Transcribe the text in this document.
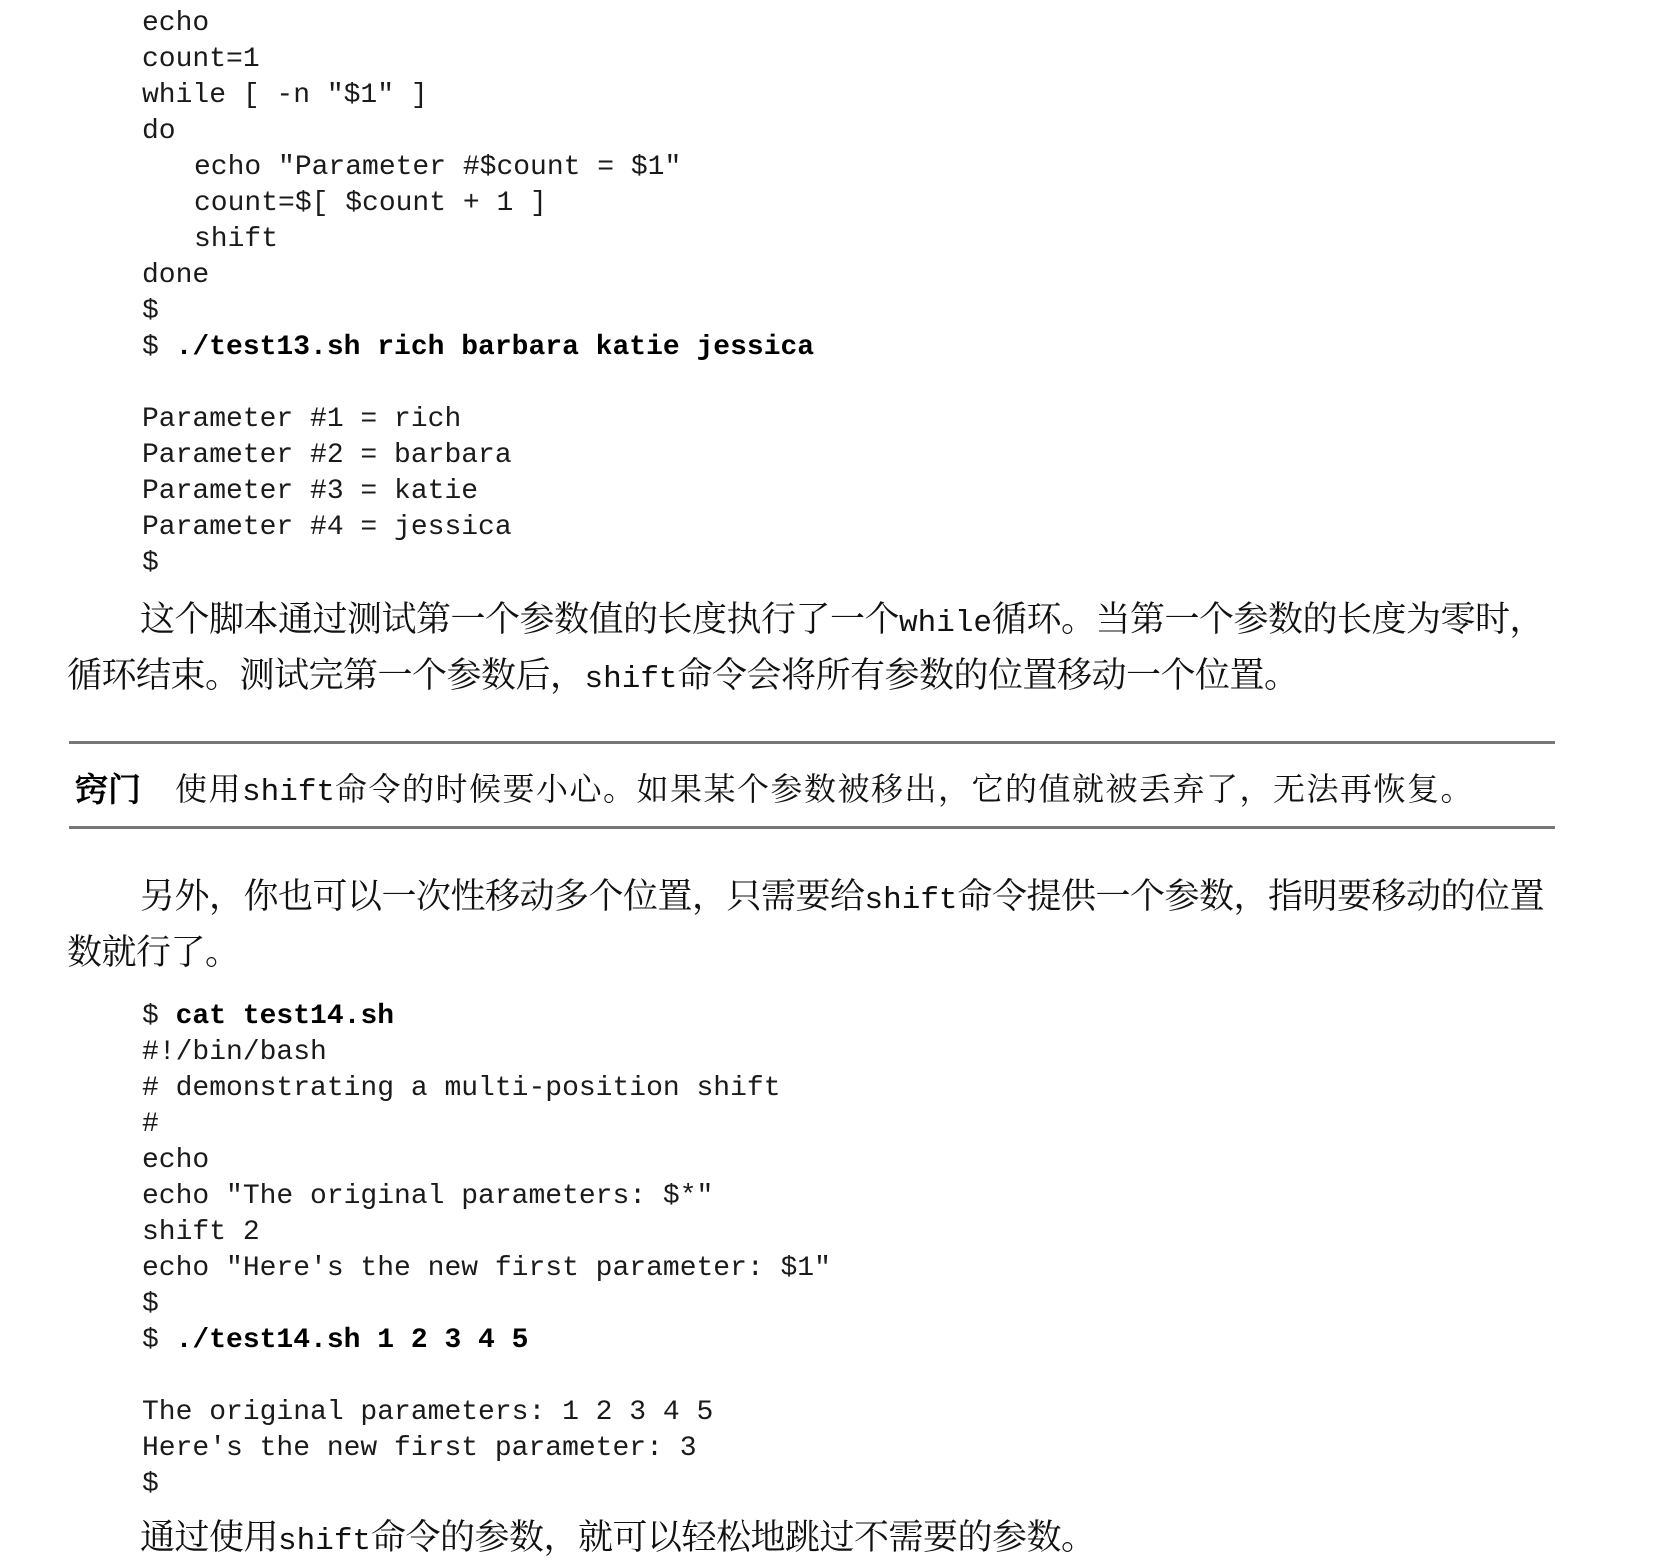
echo
count=1
while [ -n "$1" ]
do
echo "Parameter #$count = $1"
count=$[ $count + 1 ]
shift
done
$
$ ./test13.sh rich barbara katie jessica
Parameter #1 = rich
Parameter #2 = barbara
Parameter #3 = katie
Parameter #4 = jessica
$

这个脚本通过测试第一个参数值的长度执行了一个while循环。当第一个参数的长度为零时，循环结束。测试完第一个参数后，shift命令会将所有参数的位置移动一个位置。

窍门	使用shift命令的时候要小心。如果某个参数被移出，它的值就被丢弃了，无法再恢复。

另外，你也可以一次性移动多个位置，只需要给shift命令提供一个参数，指明要移动的位置数就行了。

$ cat test14.sh
#!/bin/bash
# demonstrating a multi-position shift
#
echo
echo "The original parameters: $*"
shift 2
echo "Here's the new first parameter: $1"
$
$ ./test14.sh 1 2 3 4 5
The original parameters: 1 2 3 4 5
Here's the new first parameter: 3
$

通过使用shift命令的参数，就可以轻松地跳过不需要的参数。
